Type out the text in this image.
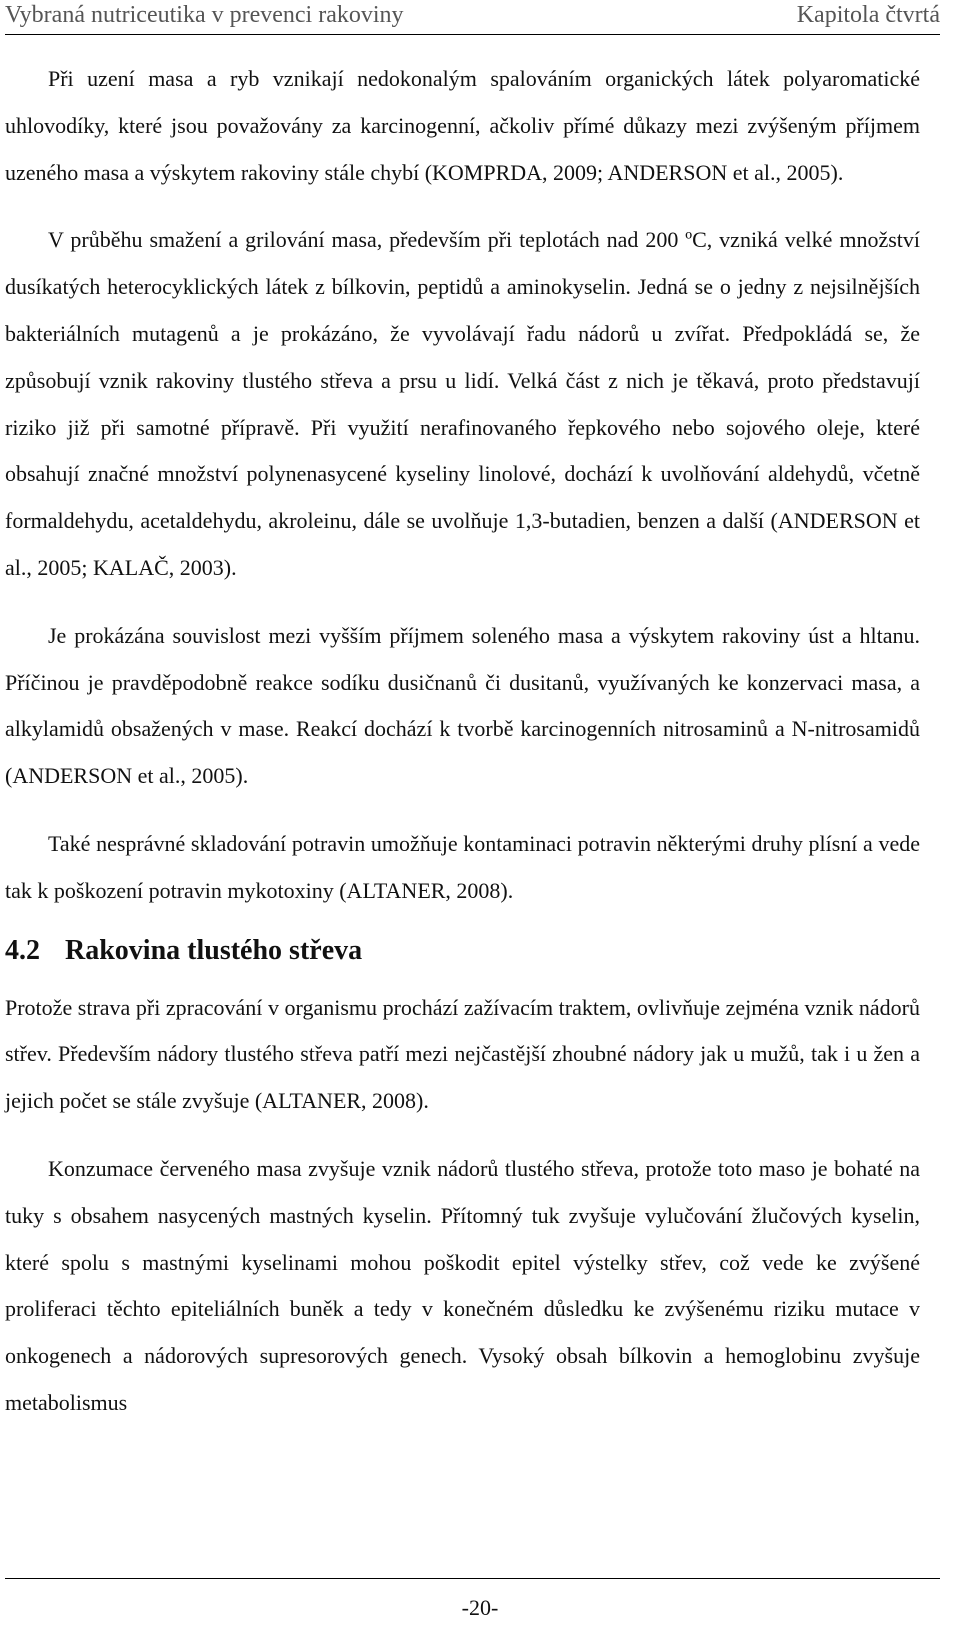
Vybraná nutriceutika v prevenci rakoviny	Kapitola čtvrtá

Při uzení masa a ryb vznikají nedokonalým spalováním organických látek polyaromatické uhlovodíky, které jsou považovány za karcinogenní, ačkoliv přímé důkazy mezi zvýšeným příjmem uzeného masa a výskytem rakoviny stále chybí (KOMPRDA, 2009; ANDERSON et al., 2005).

V průběhu smažení a grilování masa, především při teplotách nad 200 ºC, vzniká velké množství dusíkatých heterocyklických látek z bílkovin, peptidů a aminokyselin. Jedná se o jedny z nejsilnějších bakteriálních mutagenů a je prokázáno, že vyvolávají řadu nádorů u zvířat. Předpokládá se, že způsobují vznik rakoviny tlustého střeva a prsu u lidí. Velká část z nich je těkavá, proto představují riziko již při samotné přípravě. Při využití nerafinovaného řepkového nebo sojového oleje, které obsahují značné množství polynenasycené kyseliny linolové, dochází k uvolňování aldehydů, včetně formaldehydu, acetaldehydu, akroleinu, dále se uvolňuje 1,3-butadien, benzen a další (ANDERSON et al., 2005; KALAČ, 2003).

Je prokázána souvislost mezi vyšším příjmem soleného masa a výskytem rakoviny úst a hltanu. Příčinou je pravděpodobně reakce sodíku dusičnanů či dusitanů, využívaných ke konzervaci masa, a alkylamidů obsažených v mase. Reakcí dochází k tvorbě karcinogenních nitrosaminů a N-nitrosamidů (ANDERSON et al., 2005).

Také nesprávné skladování potravin umožňuje kontaminaci potravin některými druhy plísní a vede tak k poškození potravin mykotoxiny (ALTANER, 2008).

4.2 Rakovina tlustého střeva

Protože strava při zpracování v organismu prochází zažívacím traktem, ovlivňuje zejména vznik nádorů střev. Především nádory tlustého střeva patří mezi nejčastější zhoubné nádory jak u mužů, tak i u žen a jejich počet se stále zvyšuje (ALTANER, 2008).

Konzumace červeného masa zvyšuje vznik nádorů tlustého střeva, protože toto maso je bohaté na tuky s obsahem nasycených mastných kyselin. Přítomný tuk zvyšuje vylučování žlučových kyselin, které spolu s mastnými kyselinami mohou poškodit epitel výstelky střev, což vede ke zvýšené proliferaci těchto epiteliálních buněk a tedy v konečném důsledku ke zvýšenému riziku mutace v onkogenech a nádorových supresorových genech. Vysoký obsah bílkovin a hemoglobinu zvyšuje metabolismus

-20-
